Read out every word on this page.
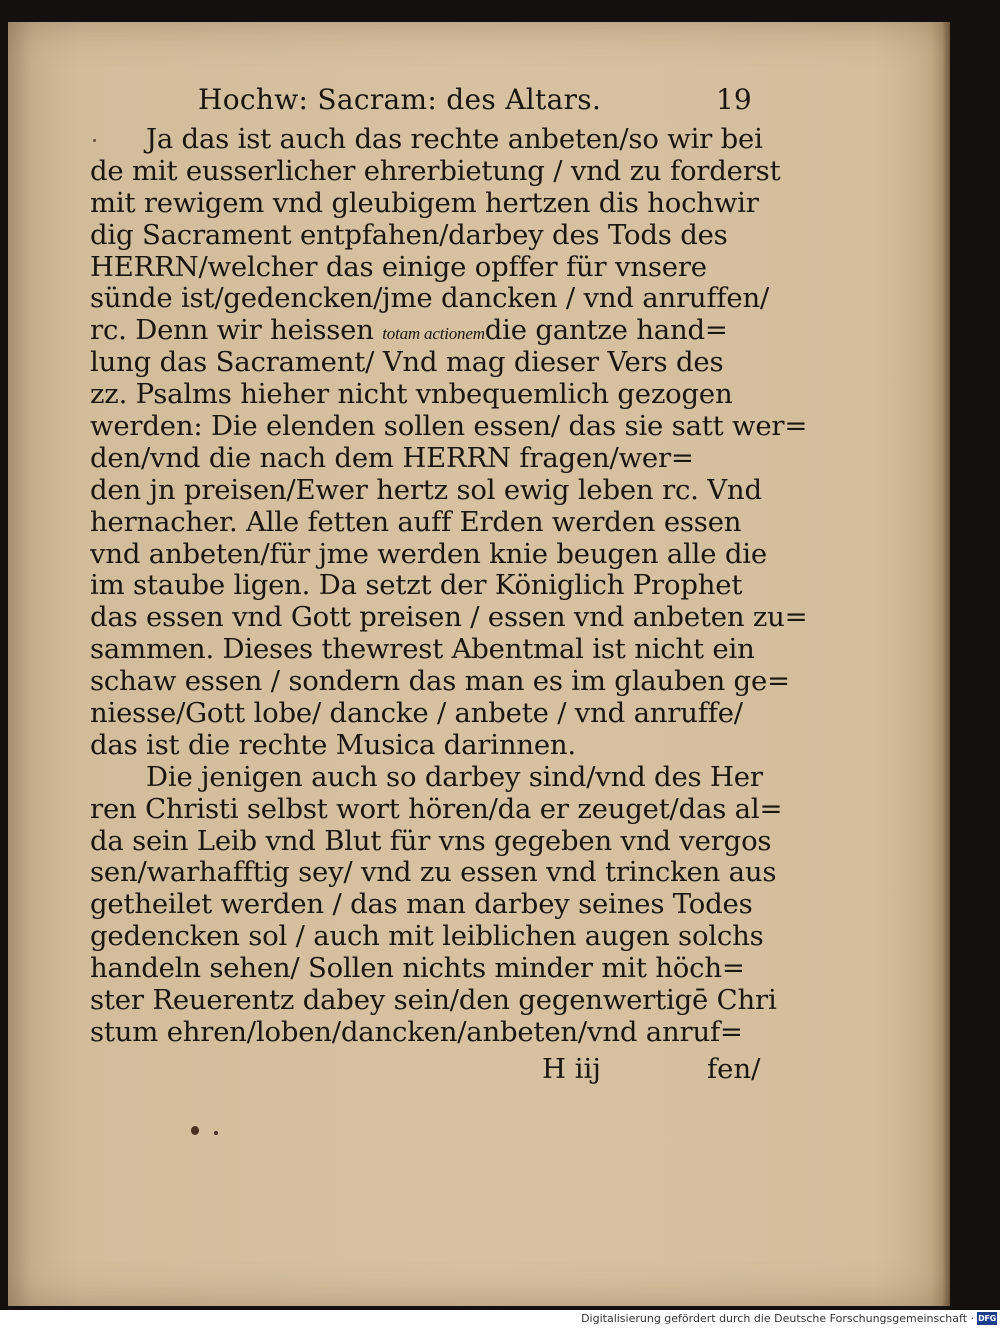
Hochw: Sacram: des Altars.	19
Ja das ist auch das rechte anbeten/so wir bei
de mit eusserlicher ehrerbietung / vnd zu forderst
mit rewigem vnd gleubigem hertzen dis hochwir
dig Sacrament entpfahen/darbey des Tods des
HERRN/welcher das einige opffer für vnsere
sünde ist/gedencken/jme dancken / vnd anruffen/
rc. Denn wir heissen totam actionemdie gantze hand=
lung das Sacrament/ Vnd mag dieser Vers des
zz. Psalms hieher nicht vnbequemlich gezogen
werden: Die elenden sollen essen/ das sie satt wer=
den/vnd die nach dem HERRN fragen/wer=
den jn preisen/Ewer hertz sol ewig leben rc. Vnd
hernacher. Alle fetten auff Erden werden essen
vnd anbeten/für jme werden knie beugen alle die
im staube ligen. Da setzt der Königlich Prophet
das essen vnd Gott preisen / essen vnd anbeten zu=
sammen. Dieses thewrest Abentmal ist nicht ein
schaw essen / sondern das man es im glauben ge=
niesse/Gott lobe/ dancke / anbete / vnd anruffe/
das ist die rechte Musica darinnen.
Die jenigen auch so darbey sind/vnd des Her
ren Christi selbst wort hören/da er zeuget/das al=
da sein Leib vnd Blut für vns gegeben vnd vergos
sen/warhafftig sey/ vnd zu essen vnd trincken aus
getheilet werden / das man darbey seines Todes
gedencken sol / auch mit leiblichen augen solchs
handeln sehen/ Sollen nichts minder mit höch=
ster Reuerentz dabey sein/den gegenwertigē Chri
stum ehren/loben/dancken/anbeten/vnd anruf=
H iij	fen/
Digitalisierung gefördert durch die Deutsche Forschungsgemeinschaft · DFG
